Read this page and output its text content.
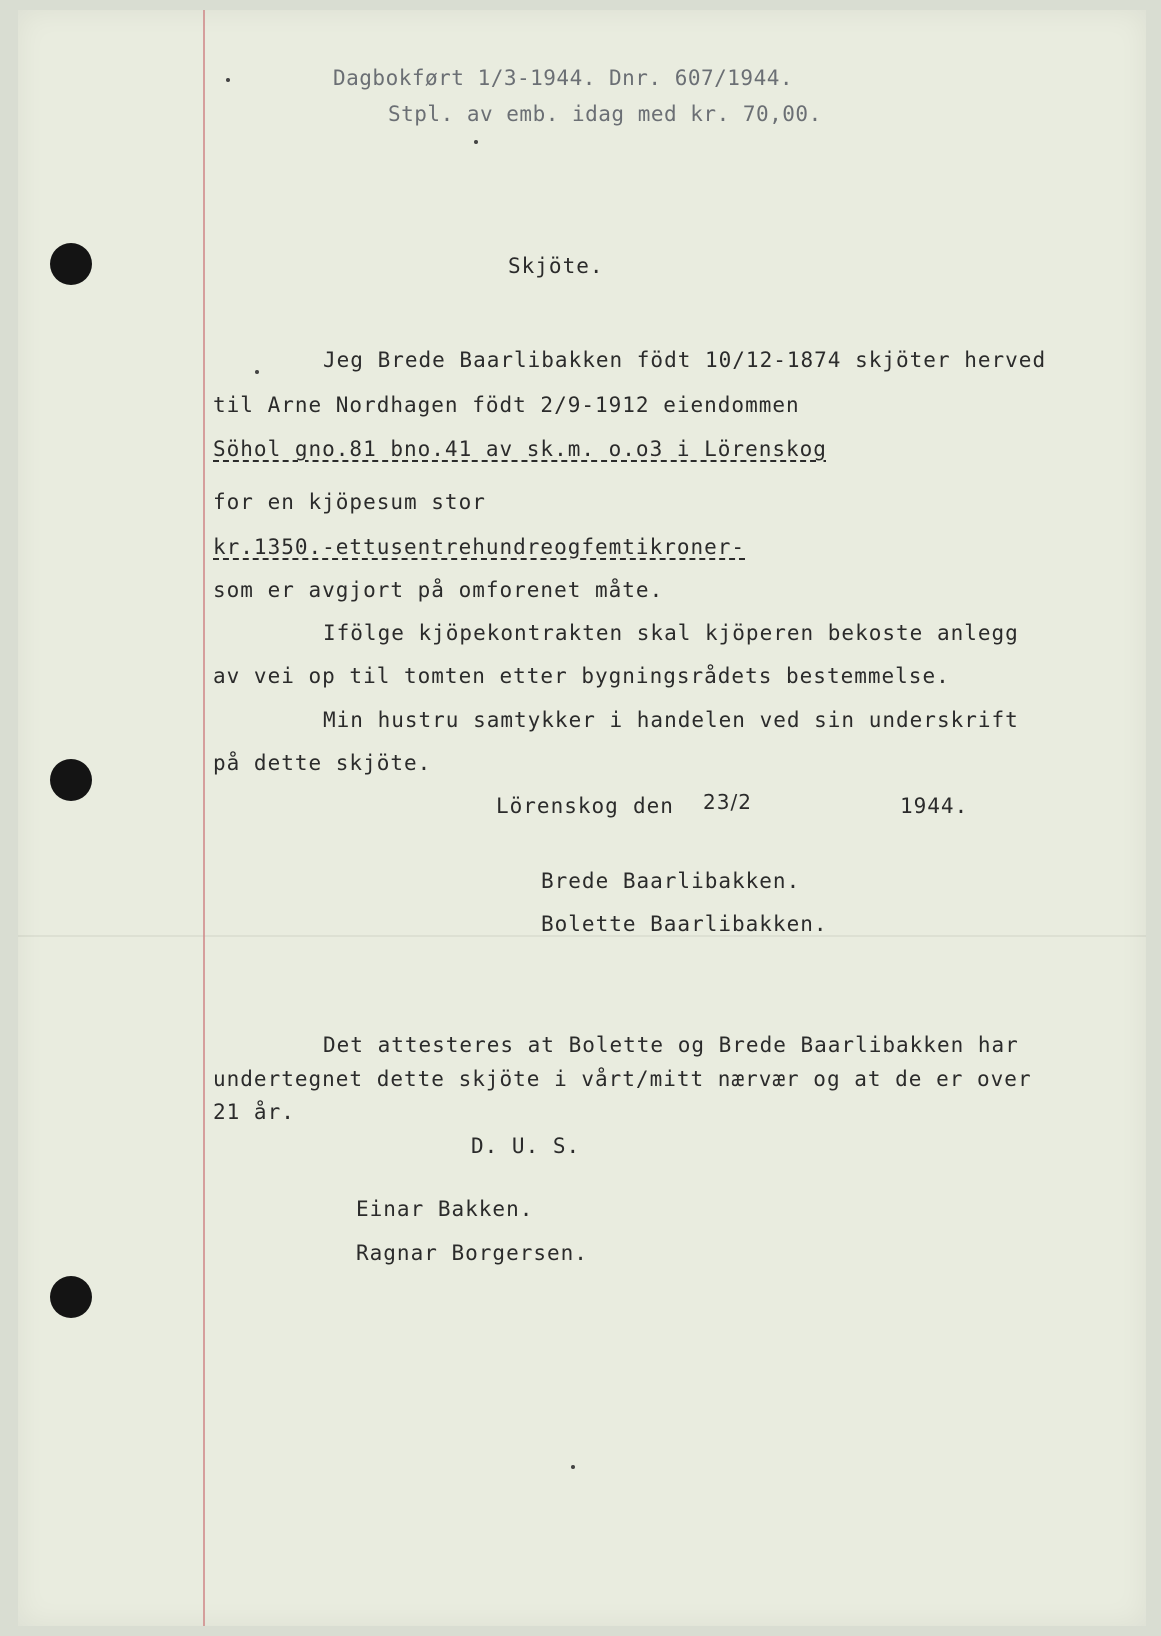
Dagbokført 1/3-1944. Dnr. 607/1944.
Stpl. av emb. idag med kr. 70,00.
Skjöte.
Jeg Brede Baarlibakken födt 10/12-1874 skjöter herved
til Arne Nordhagen födt 2/9-1912 eiendommen
Söhol gno.81 bno.41 av sk.m. o.o3 i Lörenskog
for en kjöpesum stor
kr.1350.-ettusentrehundreogfemtikroner-
som er avgjort på omforenet måte.
Ifölge kjöpekontrakten skal kjöperen bekoste anlegg
av vei op til tomten etter bygningsrådets bestemmelse.
Min hustru samtykker i handelen ved sin underskrift
på dette skjöte.
Lörenskog den 23/2	1944.
Brede Baarlibakken.
Bolette Baarlibakken.
Det attesteres at Bolette og Brede Baarlibakken har
undertegnet dette skjöte i vårt/mitt nærvær og at de er over
21 år.
D. U. S.
Einar Bakken.
Ragnar Borgersen.
